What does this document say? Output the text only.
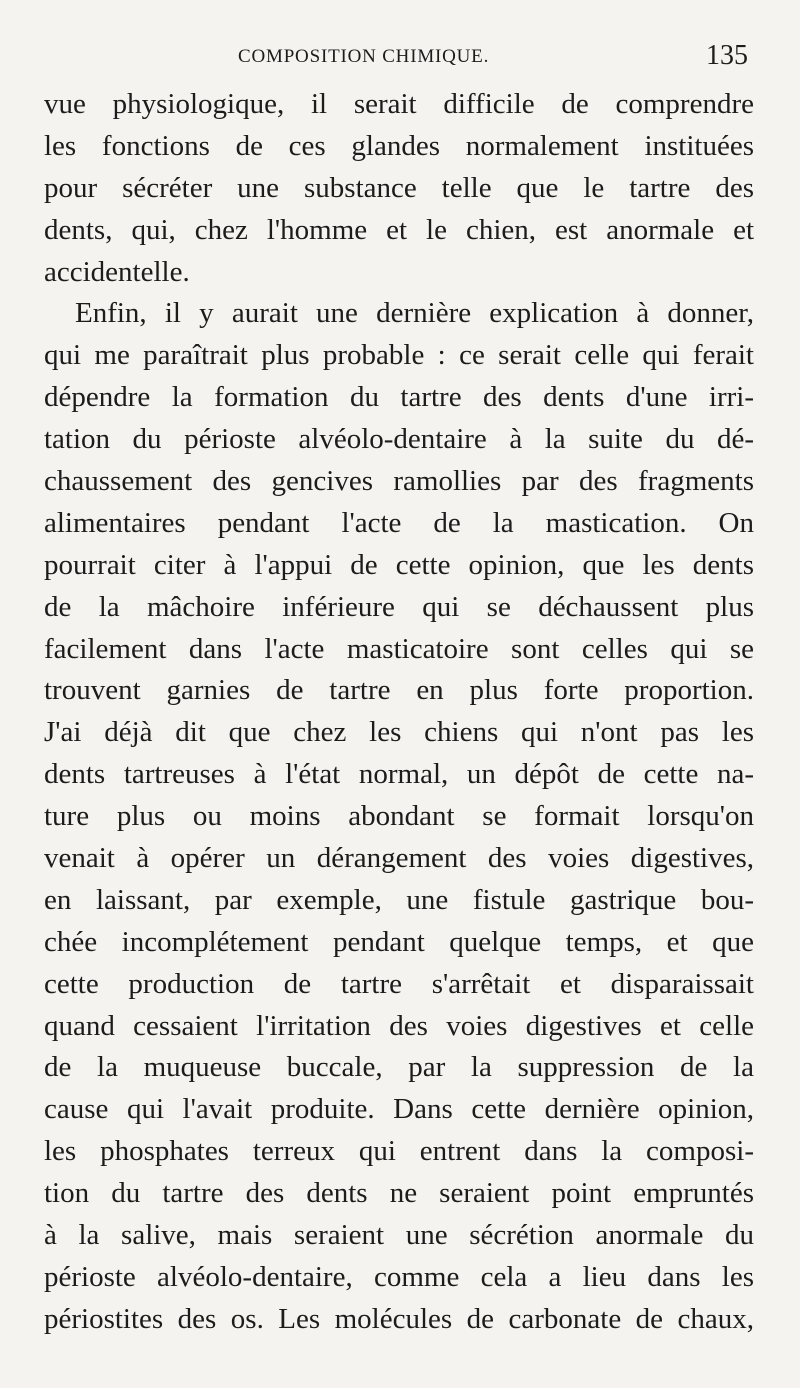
COMPOSITION CHIMIQUE.	135
vue physiologique, il serait difficile de comprendre
les fonctions de ces glandes normalement instituées
pour sécréter une substance telle que le tartre des
dents, qui, chez l'homme et le chien, est anormale et
accidentelle.
Enfin, il y aurait une dernière explication à donner,
qui me paraîtrait plus probable : ce serait celle qui ferait
dépendre la formation du tartre des dents d'une irri-
tation du périoste alvéolo-dentaire à la suite du dé-
chaussement des gencives ramollies par des fragments
alimentaires pendant l'acte de la mastication. On
pourrait citer à l'appui de cette opinion, que les dents
de la mâchoire inférieure qui se déchaussent plus
facilement dans l'acte masticatoire sont celles qui se
trouvent garnies de tartre en plus forte proportion.
J'ai déjà dit que chez les chiens qui n'ont pas les
dents tartreuses à l'état normal, un dépôt de cette na-
ture plus ou moins abondant se formait lorsqu'on
venait à opérer un dérangement des voies digestives,
en laissant, par exemple, une fistule gastrique bou-
chée incomplétement pendant quelque temps, et que
cette production de tartre s'arrêtait et disparaissait
quand cessaient l'irritation des voies digestives et celle
de la muqueuse buccale, par la suppression de la
cause qui l'avait produite. Dans cette dernière opinion,
les phosphates terreux qui entrent dans la composi-
tion du tartre des dents ne seraient point empruntés
à la salive, mais seraient une sécrétion anormale du
périoste alvéolo-dentaire, comme cela a lieu dans les
périostites des os. Les molécules de carbonate de chaux,
